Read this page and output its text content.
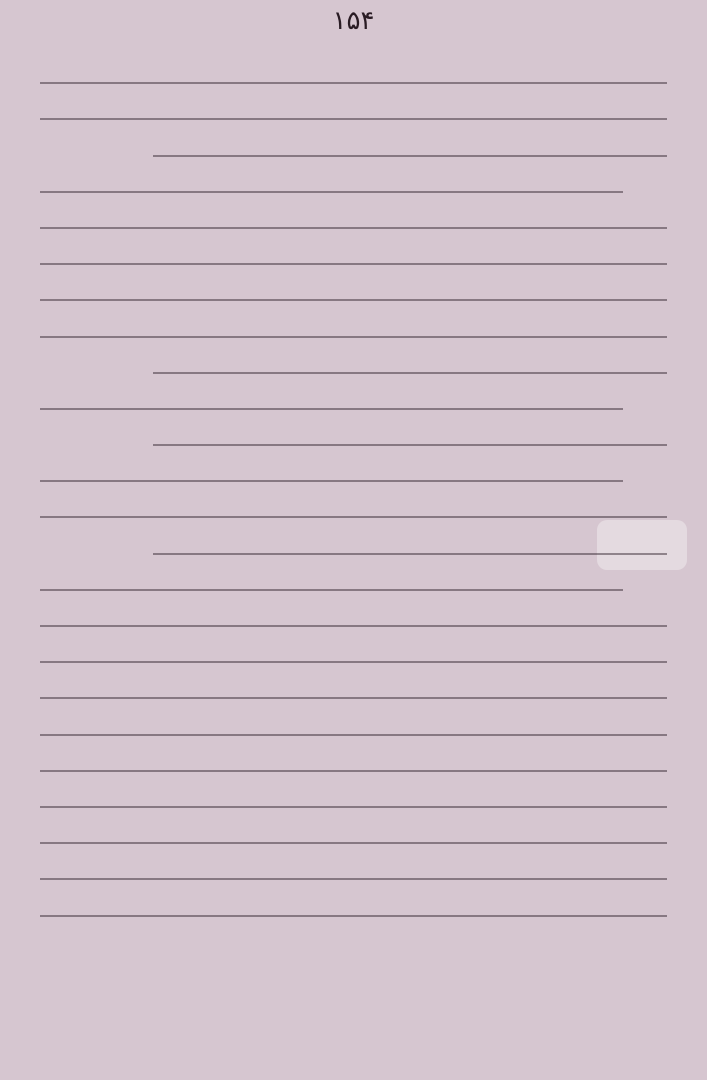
۱۵۴
